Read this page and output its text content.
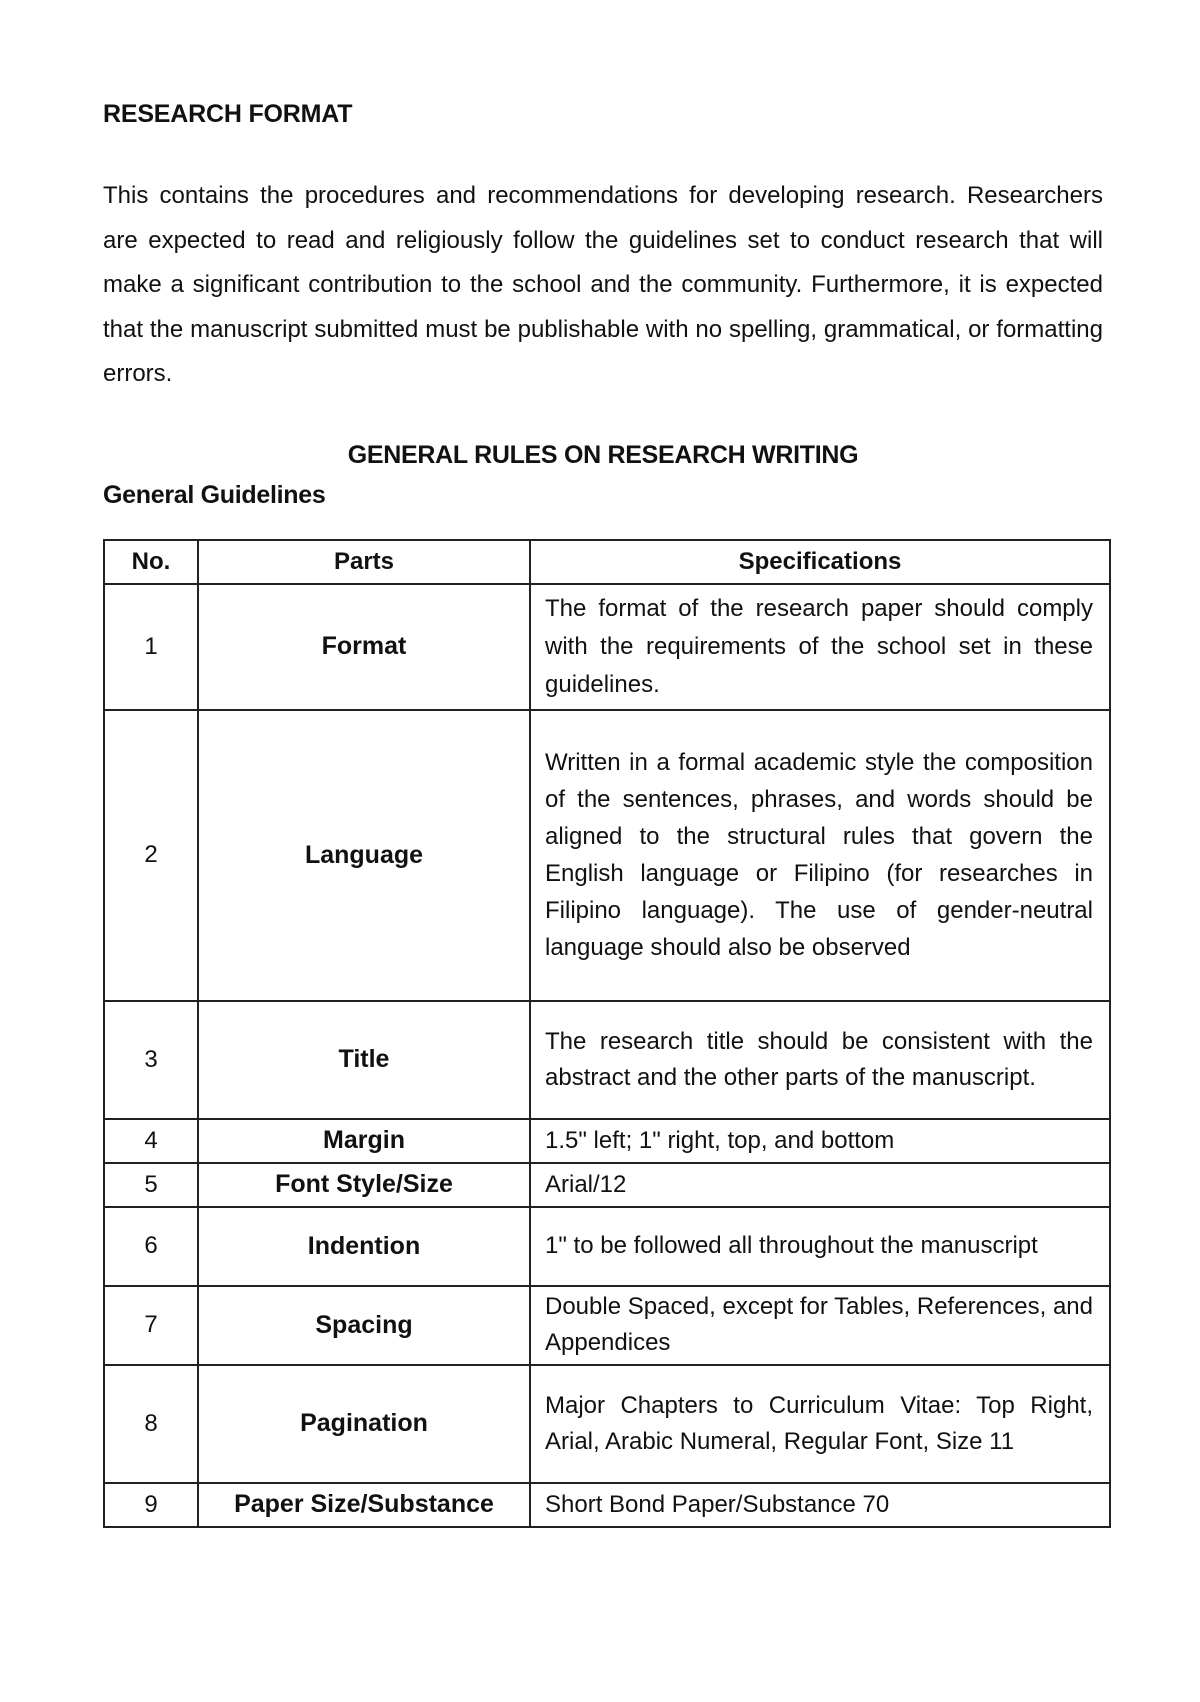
RESEARCH FORMAT

This contains the procedures and recommendations for developing research. Researchers are expected to read and religiously follow the guidelines set to conduct research that will make a significant contribution to the school and the community. Furthermore, it is expected that the manuscript submitted must be publishable with no spelling, grammatical, or formatting errors.

GENERAL RULES ON RESEARCH WRITING
General Guidelines
No.	Parts	Specifications
1	Format	The format of the research paper should comply with the requirements of the school set in these guidelines.
2	Language	Written in a formal academic style the composition of the sentences, phrases, and words should be aligned to the structural rules that govern the English language or Filipino (for researches in Filipino language). The use of gender-neutral language should also be observed
3	Title	The research title should be consistent with the abstract and the other parts of the manuscript.
4	Margin	1.5" left; 1" right, top, and bottom
5	Font Style/Size	Arial/12
6	Indention	1" to be followed all throughout the manuscript
7	Spacing	Double Spaced, except for Tables, References, and Appendices
8	Pagination	Major Chapters to Curriculum Vitae: Top Right, Arial, Arabic Numeral, Regular Font, Size 11
9	Paper Size/Substance	Short Bond Paper/Substance 70
